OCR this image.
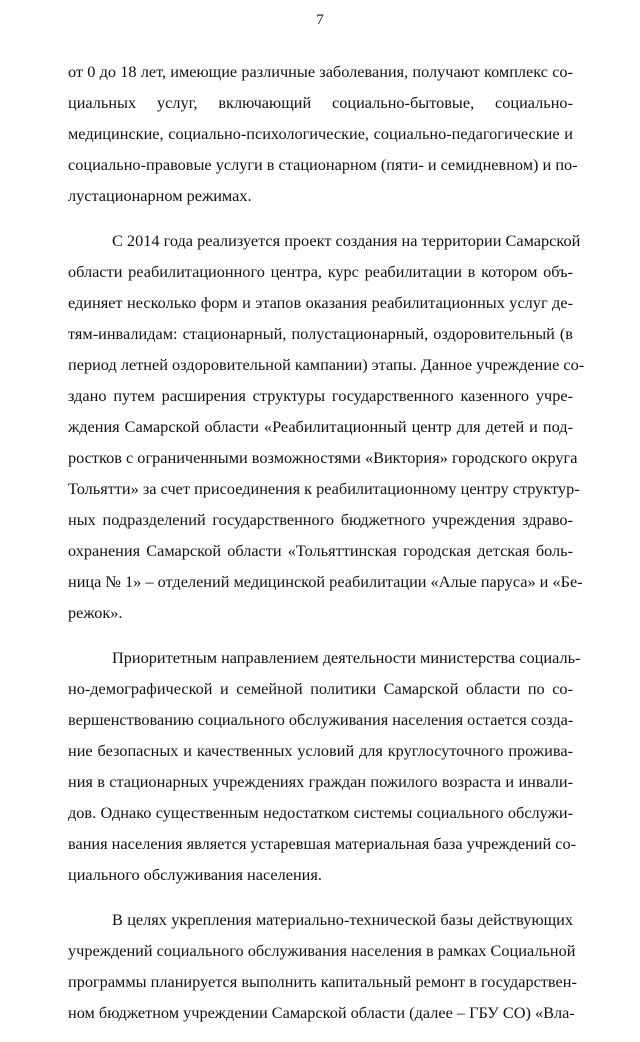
7
от 0 до 18 лет, имеющие различные заболевания, получают комплекс со-
циальных услуг, включающий социально-бытовые, социально-
медицинские, социально-психологические, социально-педагогические и
социально-правовые услуги в стационарном (пяти- и семидневном) и по-
лустационарном режимах.
С 2014 года реализуется проект создания на территории Самарской
области реабилитационного центра, курс реабилитации в котором объ-
единяет несколько форм и этапов оказания реабилитационных услуг де-
тям-инвалидам: стационарный, полустационарный, оздоровительный (в
период летней оздоровительной кампании) этапы. Данное учреждение со-
здано путем расширения структуры государственного казенного учре-
ждения Самарской области «Реабилитационный центр для детей и под-
ростков с ограниченными возможностями «Виктория» городского округа
Тольятти» за счет присоединения к реабилитационному центру структур-
ных подразделений государственного бюджетного учреждения здраво-
охранения Самарской области «Тольяттинская городская детская боль-
ница № 1» – отделений медицинской реабилитации «Алые паруса» и «Бе-
режок».
Приоритетным направлением деятельности министерства социаль-
но-демографической и семейной политики Самарской области по со-
вершенствованию социального обслуживания населения остается созда-
ние безопасных и качественных условий для круглосуточного прожива-
ния в стационарных учреждениях граждан пожилого возраста и инвали-
дов. Однако существенным недостатком системы социального обслужи-
вания населения является устаревшая материальная база учреждений со-
циального обслуживания населения.
В целях укрепления материально-технической базы действующих
учреждений социального обслуживания населения в рамках Социальной
программы планируется выполнить капитальный ремонт в государствен-
ном бюджетном учреждении Самарской области (далее – ГБУ СО) «Вла-
